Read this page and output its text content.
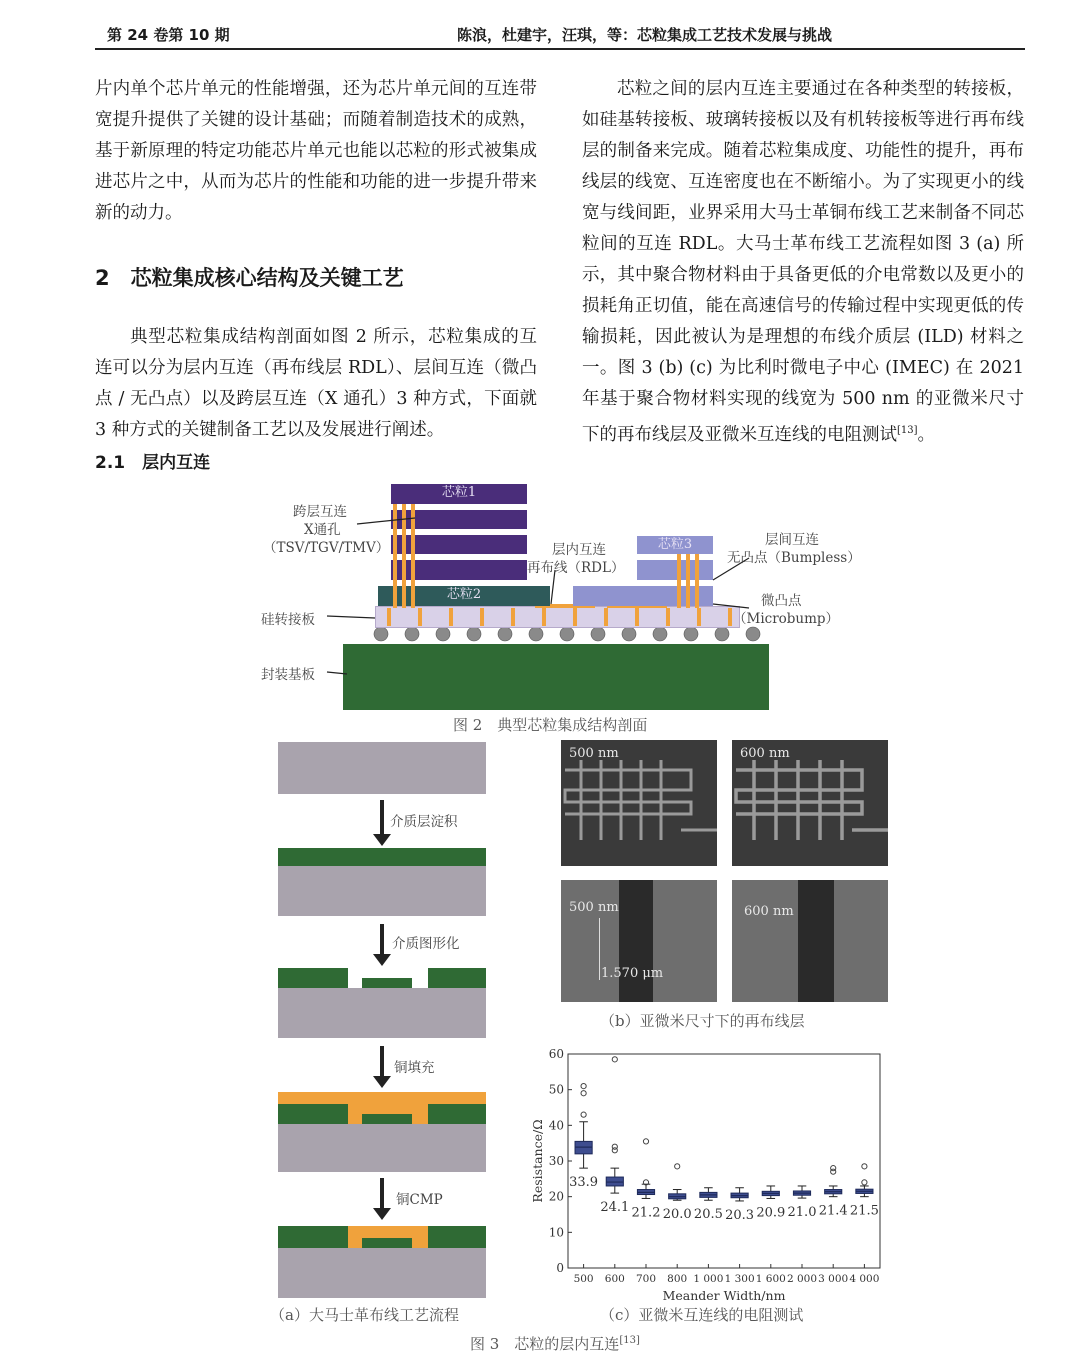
第 24 卷第 10 期	陈浪，杜建宇，汪琪，等：芯粒集成工艺技术发展与挑战

片内单个芯片单元的性能增强，还为芯片单元间的互连带宽提升提供了关键的设计基础；而随着制造技术的成熟，基于新原理的特定功能芯片单元也能以芯粒的形式被集成进芯片之中，从而为芯片的性能和功能的进一步提升带来新的动力。

2　芯粒集成核心结构及关键工艺

典型芯粒集成结构剖面如图 2 所示，芯粒集成的互连可以分为层内互连（再布线层 RDL）、层间互连（微凸点 / 无凸点）以及跨层互连（X 通孔）3 种方式，下面就 3 种方式的关键制备工艺以及发展进行阐述。

2.1　层内互连

芯粒之间的层内互连主要通过在各种类型的转接板，如硅基转接板、玻璃转接板以及有机转接板等进行再布线层的制备来完成。随着芯粒集成度、功能性的提升，再布线层的线宽、互连密度也在不断缩小。为了实现更小的线宽与线间距，业界采用大马士革铜布线工艺来制备不同芯粒间的互连 RDL。大马士革布线工艺流程如图 3 (a) 所示，其中聚合物材料由于具备更低的介电常数以及更小的损耗角正切值，能在高速信号的传输过程中实现更低的传输损耗，因此被认为是理想的布线介质层 (ILD) 材料之一。图 3 (b) (c) 为比利时微电子中心 (IMEC) 在 2021 年基于聚合物材料实现的线宽为 500 nm 的亚微米尺寸下的再布线层及亚微米互连线的电阻测试[13]。

芯粒2
芯粒1
芯粒3
跨层互连
X通孔
（TSV/TGV/TMV）	层内互连
再布线（RDL）
层间互连
无凸点（Bumpless）
微凸点
（Microbump）
硅转接板
封装基板
图 2　典型芯粒集成结构剖面
介质层淀积
介质图形化
铜填充
铜CMP
（a）大马士革布线工艺流程
500 nm	600 nm
500 nm
1.570 μm
600 nm
（b）亚微米尺寸下的再布线层
0
10
20
30
40
50
60
500 600 700 800 1 000 1 300 1 600 2 000 3 000 4 000
Meander Width/nm
Resistance/Ω 33.9
24.1 21.2 20.0 20.5 20.3 20.9 21.0 21.4 21.5
（c）亚微米互连线的电阻测试
图 3　芯粒的层内互连[13]
